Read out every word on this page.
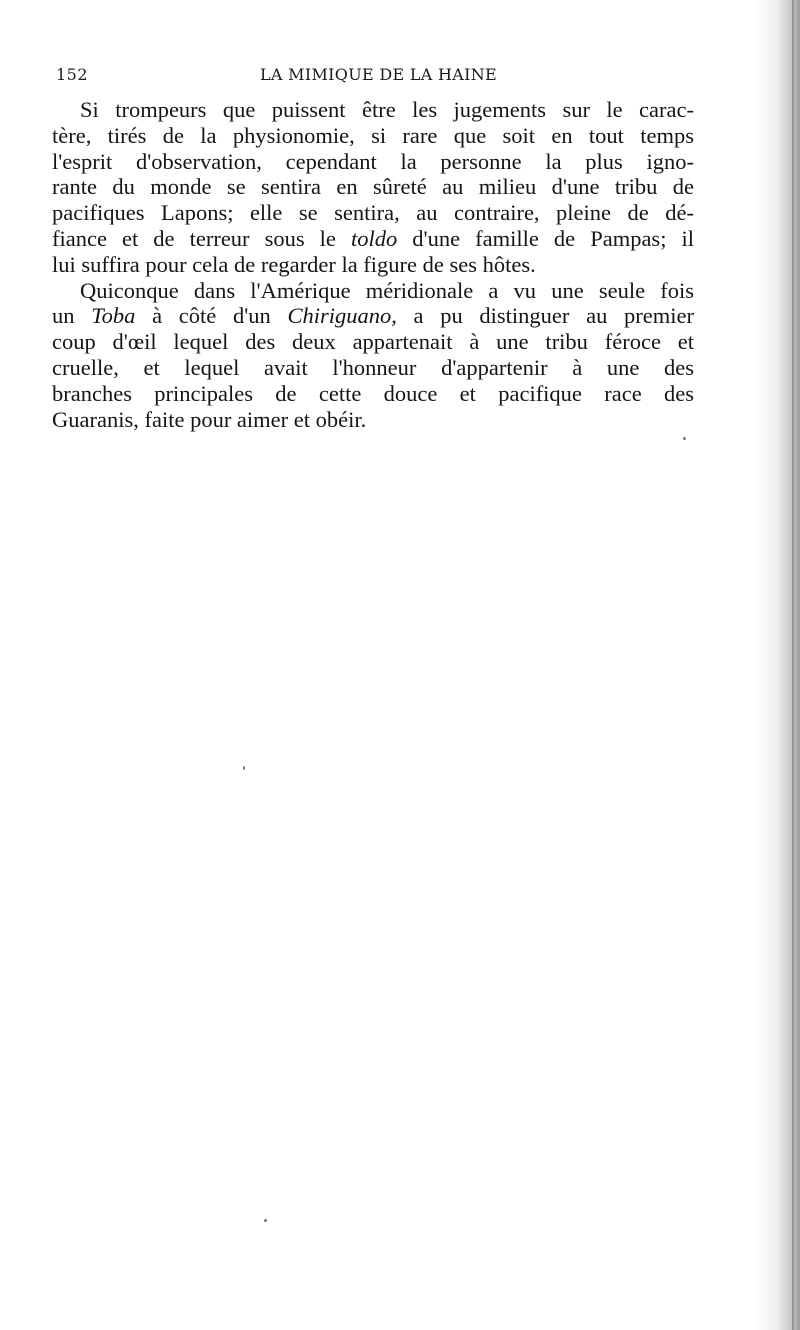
152	LA MIMIQUE DE LA HAINE
Si trompeurs que puissent être les jugements sur le carac-
tère, tirés de la physionomie, si rare que soit en tout temps
l'esprit d'observation, cependant la personne la plus igno-
rante du monde se sentira en sûreté au milieu d'une tribu de
pacifiques Lapons; elle se sentira, au contraire, pleine de dé-
fiance et de terreur sous le toldo d'une famille de Pampas; il
lui suffira pour cela de regarder la figure de ses hôtes.
Quiconque dans l'Amérique méridionale a vu une seule fois
un Toba à côté d'un Chiriguano, a pu distinguer au premier
coup d'œil lequel des deux appartenait à une tribu féroce et
cruelle, et lequel avait l'honneur d'appartenir à une des
branches principales de cette douce et pacifique race des
Guaranis, faite pour aimer et obéir.
